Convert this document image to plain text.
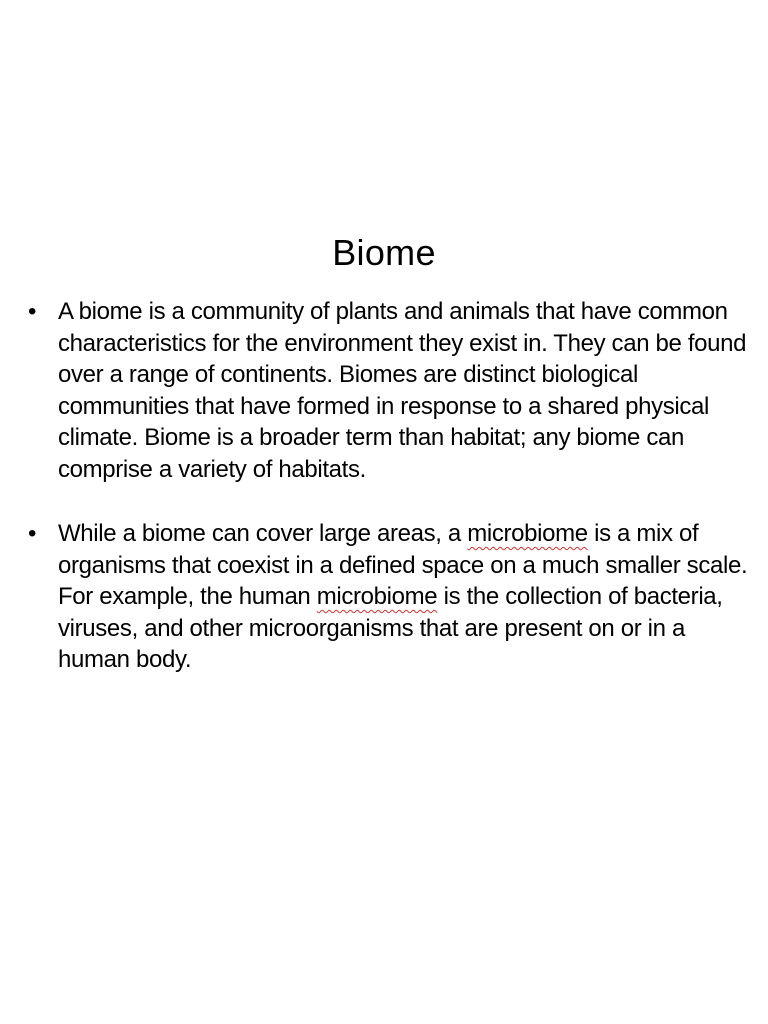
Biome
• A biome is a community of plants and animals that have common characteristics for the environment they exist in. They can be found over a range of continents. Biomes are distinct biological communities that have formed in response to a shared physical climate. Biome is a broader term than habitat; any biome can comprise a variety of habitats.
• While a biome can cover large areas, a microbiome is a mix of organisms that coexist in a defined space on a much smaller scale. For example, the human microbiome is the collection of bacteria, viruses, and other microorganisms that are present on or in a human body.
